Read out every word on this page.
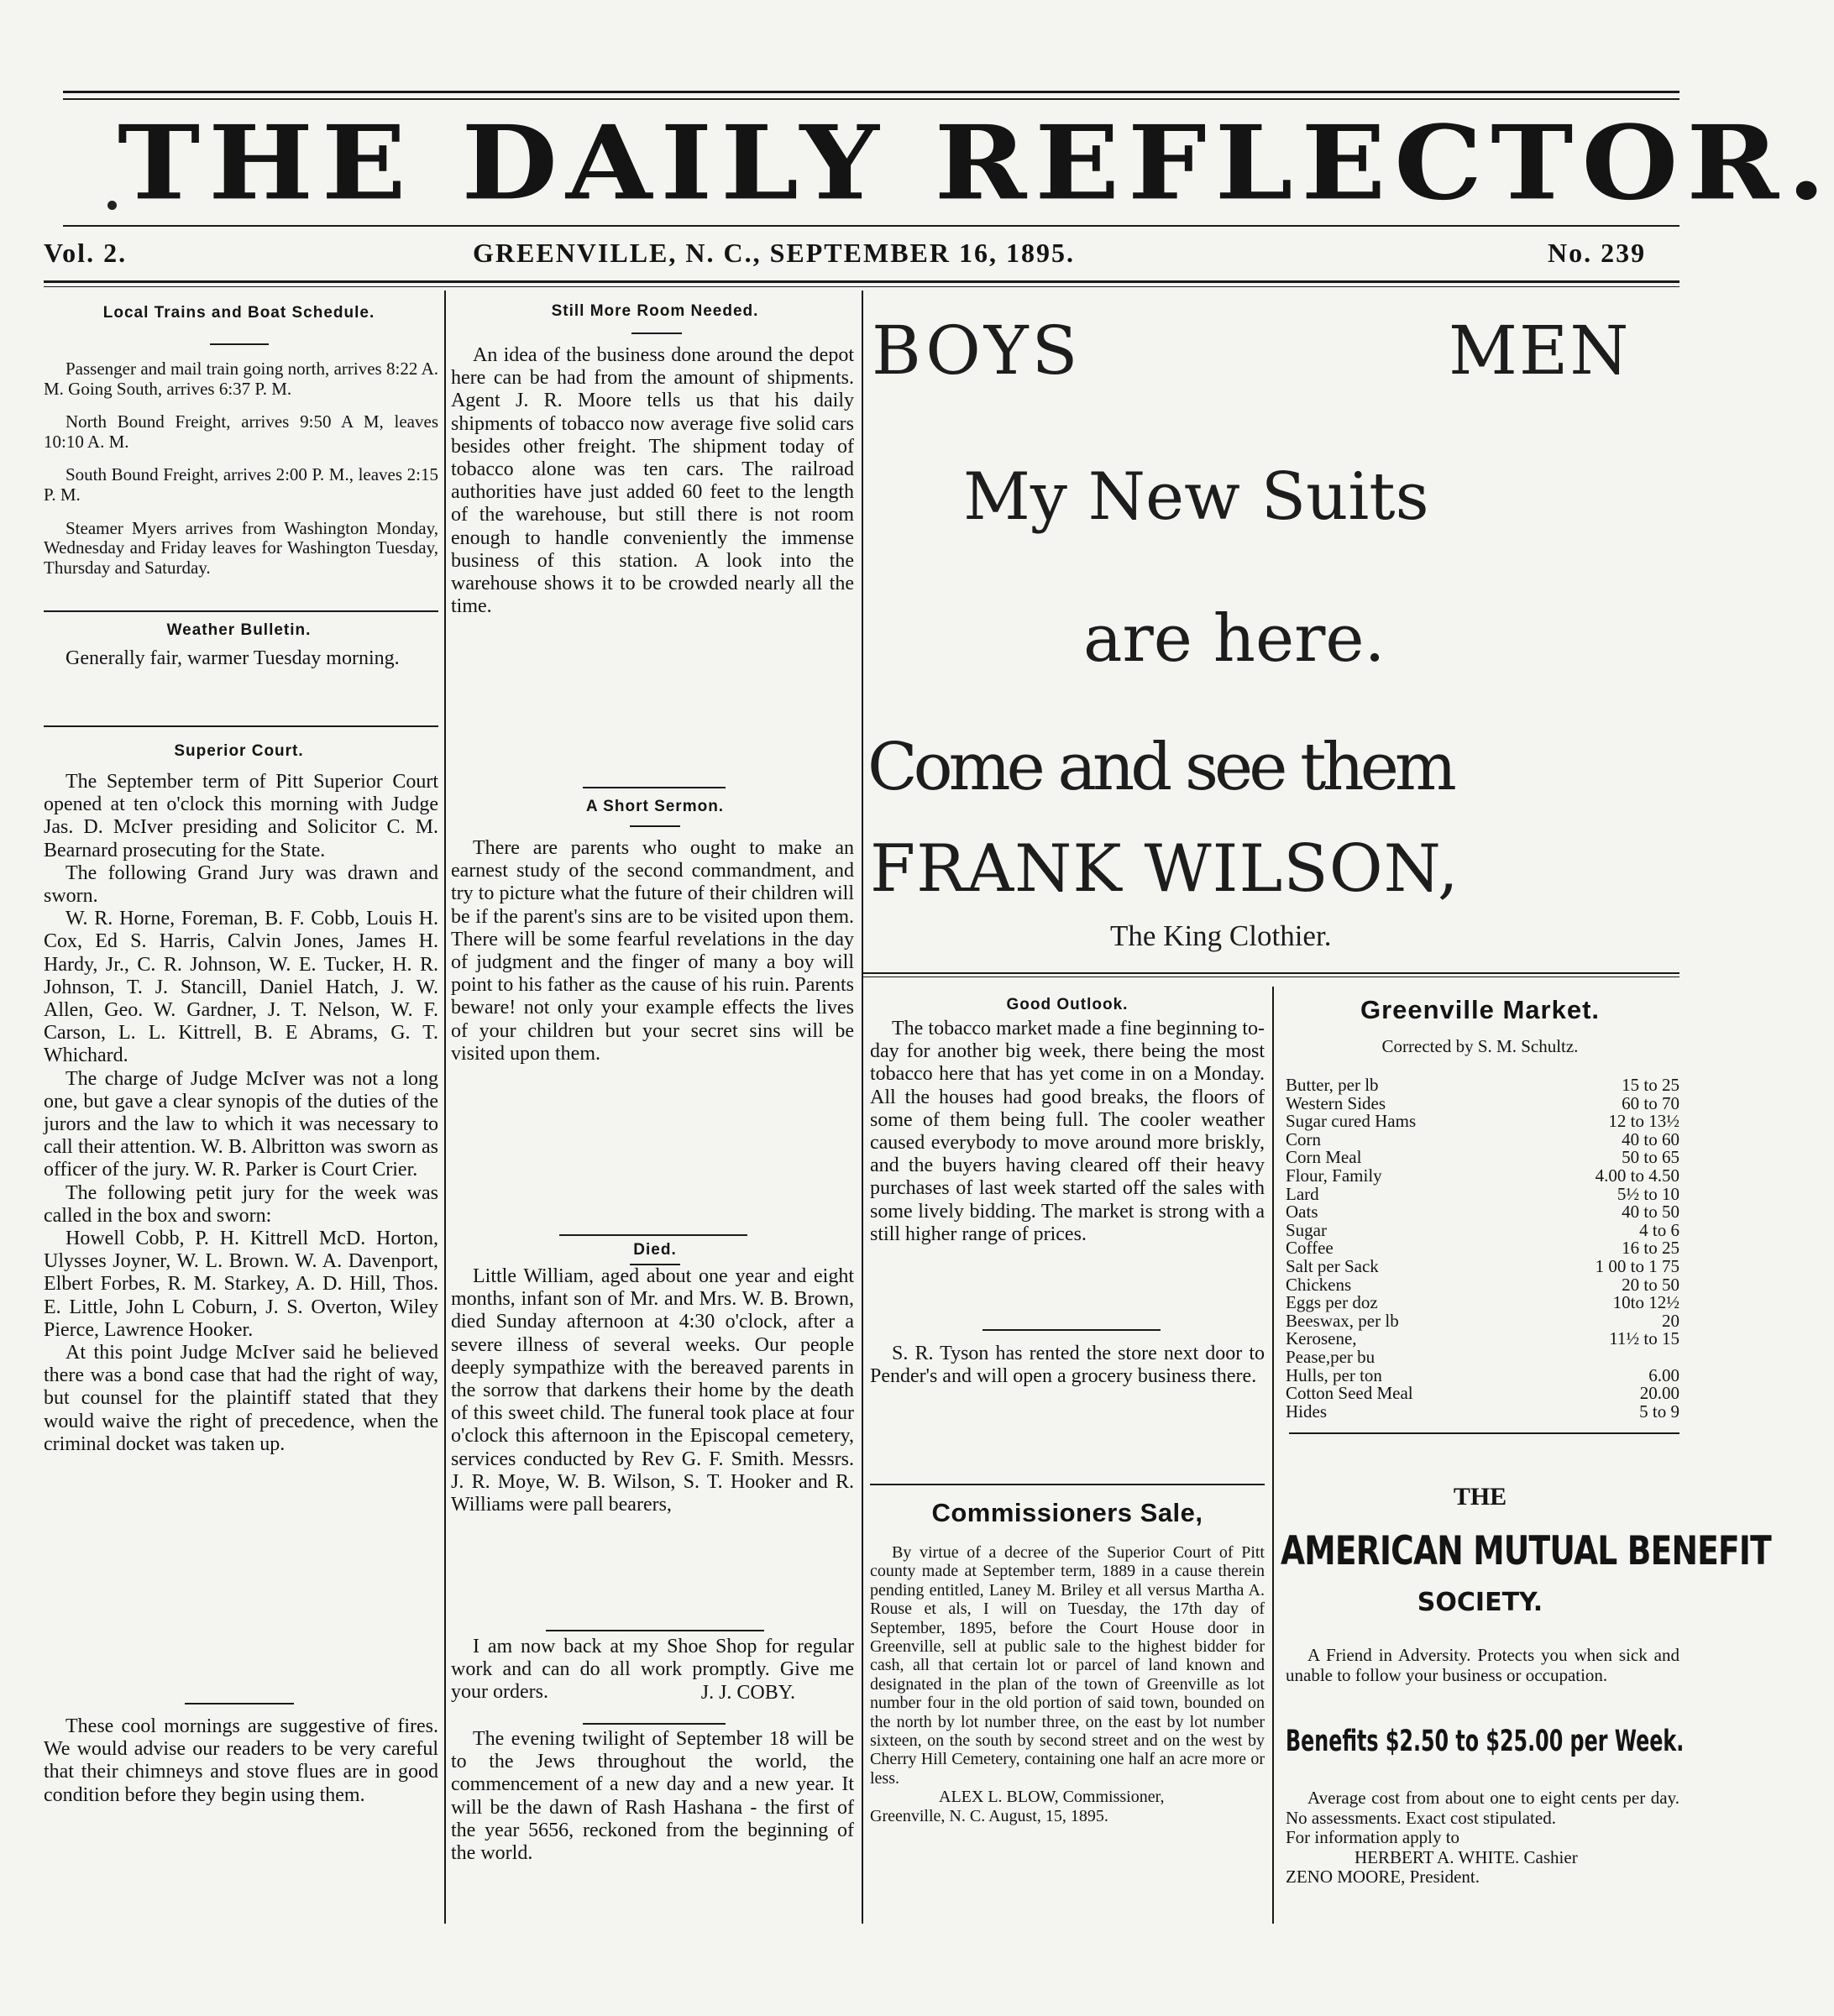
THE DAILY REFLECTOR.
Vol. 2.	GREENVILLE, N. C., SEPTEMBER 16, 1895.	No. 239
Local Trains and Boat Schedule.

Passenger and mail train going north, arrives 8:22 A. M. Going South, arrives 6:37 P. M.

North Bound Freight, arrives 9:50 A M, leaves 10:10 A. M.

South Bound Freight, arrives 2:00 P. M., leaves 2:15 P. M.

Steamer Myers arrives from Washington Monday, Wednesday and Friday leaves for Washington Tuesday, Thursday and Saturday.

Weather Bulletin.

Generally fair, warmer Tuesday morning.

Superior Court.

The September term of Pitt Superior Court opened at ten o'clock this morning with Judge Jas. D. McIver presiding and Solicitor C. M. Bearnard prosecuting for the State.

The following Grand Jury was drawn and sworn.

W. R. Horne, Foreman, B. F. Cobb, Louis H. Cox, Ed S. Harris, Calvin Jones, James H. Hardy, Jr., C. R. Johnson, W. E. Tucker, H. R. Johnson, T. J. Stancill, Daniel Hatch, J. W. Allen, Geo. W. Gardner, J. T. Nelson, W. F. Carson, L. L. Kittrell, B. E Abrams, G. T. Whichard.

The charge of Judge McIver was not a long one, but gave a clear synopis of the duties of the jurors and the law to which it was necessary to call their attention. W. B. Albritton was sworn as officer of the jury. W. R. Parker is Court Crier.

The following petit jury for the week was called in the box and sworn:

Howell Cobb, P. H. Kittrell McD. Horton, Ulysses Joyner, W. L. Brown. W. A. Davenport, Elbert Forbes, R. M. Starkey, A. D. Hill, Thos. E. Little, John L Coburn, J. S. Overton, Wiley Pierce, Lawrence Hooker.

At this point Judge McIver said he believed there was a bond case that had the right of way, but counsel for the plaintiff stated that they would waive the right of precedence, when the criminal docket was taken up.

These cool mornings are suggestive of fires. We would advise our readers to be very careful that their chimneys and stove flues are in good condition before they begin using them.

Still More Room Needed.

An idea of the business done around the depot here can be had from the amount of shipments. Agent J. R. Moore tells us that his daily shipments of tobacco now average five solid cars besides other freight. The shipment today of tobacco alone was ten cars. The railroad authorities have just added 60 feet to the length of the warehouse, but still there is not room enough to handle conveniently the immense business of this station. A look into the warehouse shows it to be crowded nearly all the time.

A Short Sermon.

There are parents who ought to make an earnest study of the second commandment, and try to picture what the future of their children will be if the parent's sins are to be visited upon them. There will be some fearful revelations in the day of judgment and the finger of many a boy will point to his father as the cause of his ruin. Parents beware! not only your example effects the lives of your children but your secret sins will be visited upon them.

Died.

Little William, aged about one year and eight months, infant son of Mr. and Mrs. W. B. Brown, died Sunday afternoon at 4:30 o'clock, after a severe illness of several weeks. Our people deeply sympathize with the bereaved parents in the sorrow that darkens their home by the death of this sweet child. The funeral took place at four o'clock this afternoon in the Episcopal cemetery, services conducted by Rev G. F. Smith. Messrs. J. R. Moye, W. B. Wilson, S. T. Hooker and R. Williams were pall bearers,

I am now back at my Shoe Shop for regular work and can do all work promptly. Give me your orders.	J. J. COBY.

The evening twilight of September 18 will be to the Jews throughout the world, the commencement of a new day and a new year. It will be the dawn of Rash Hashana - the first of the year 5656, reckoned from the beginning of the world.

BOYS	MEN
My New Suits
are here.
Come and see them
FRANK WILSON,
The King Clothier.
Good Outlook.

The tobacco market made a fine beginning to-day for another big week, there being the most tobacco here that has yet come in on a Monday. All the houses had good breaks, the floors of some of them being full. The cooler weather caused everybody to move around more briskly, and the buyers having cleared off their heavy purchases of last week started off the sales with some lively bidding. The market is strong with a still higher range of prices.

S. R. Tyson has rented the store next door to Pender's and will open a grocery business there.

Commissioners Sale,

By virtue of a decree of the Superior Court of Pitt county made at September term, 1889 in a cause therein pending entitled, Laney M. Briley et all versus Martha A. Rouse et als, I will on Tuesday, the 17th day of September, 1895, before the Court House door in Greenville, sell at public sale to the highest bidder for cash, all that certain lot or parcel of land known and designated in the plan of the town of Greenville as lot number four in the old portion of said town, bounded on the north by lot number three, on the east by lot number sixteen, on the south by second street and on the west by Cherry Hill Cemetery, containing one half an acre more or less.

ALEX L. BLOW, Commissioner,
Greenville, N. C. August, 15, 1895.
Greenville Market.
Corrected by S. M. Schultz.
Butter, per lb	15 to 25
Western Sides	60 to 70
Sugar cured Hams	12 to 13½
Corn	40 to 60
Corn Meal	50 to 65
Flour, Family	4.00 to 4.50
Lard	5½ to 10
Oats	40 to 50
Sugar	4 to 6
Coffee	16 to 25
Salt per Sack	1 00 to 1 75
Chickens	20 to 50
Eggs per doz	10to 12½
Beeswax, per lb	20
Kerosene,	11½ to 15
Pease,per bu	
Hulls, per ton	6.00
Cotton Seed Meal	20.00
Hides	5 to 9
THE
AMERICAN MUTUAL BENEFIT
SOCIETY.

A Friend in Adversity. Protects you when sick and unable to follow your business or occupation.

Benefits $2.50 to $25.00 per Week.

Average cost from about one to eight cents per day. No assessments. Exact cost stipulated.

For information apply to
HERBERT A. WHITE. Cashier
ZENO MOORE, President.
